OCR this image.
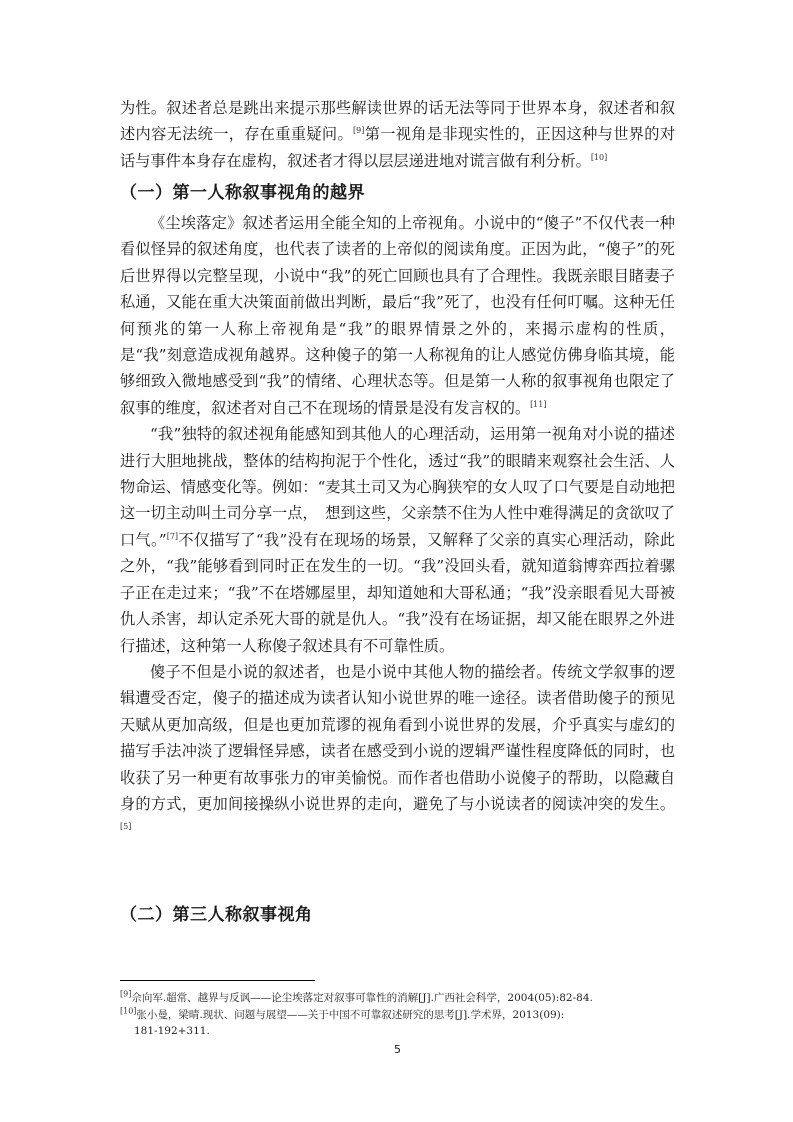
为性。叙述者总是跳出来提示那些解读世界的话无法等同于世界本身，叙述者和叙述内容无法统一，存在重重疑问。[9]第一视角是非现实性的，正因这种与世界的对话与事件本身存在虚构，叙述者才得以层层递进地对谎言做有利分析。[10]

（一）第一人称叙事视角的越界

《尘埃落定》叙述者运用全能全知的上帝视角。小说中的“傻子”不仅代表一种看似怪异的叙述角度，也代表了读者的上帝似的阅读角度。正因为此，“傻子”的死后世界得以完整呈现，小说中“我”的死亡回顾也具有了合理性。我既亲眼目睹妻子私通，又能在重大决策面前做出判断，最后“我”死了，也没有任何叮嘱。这种无任何预兆的第一人称上帝视角是“我”的眼界情景之外的，来揭示虚构的性质，是“我”刻意造成视角越界。这种傻子的第一人称视角的让人感觉仿佛身临其境，能够细致入微地感受到“我”的情绪、心理状态等。但是第一人称的叙事视角也限定了叙事的维度，叙述者对自己不在现场的情景是没有发言权的。[11]

“我”独特的叙述视角能感知到其他人的心理活动，运用第一视角对小说的描述进行大胆地挑战，整体的结构拘泥于个性化，透过“我”的眼睛来观察社会生活、人物命运、情感变化等。例如：“麦其土司又为心胸狭窄的女人叹了口气要是自动地把这一切主动叫土司分享一点，　想到这些，父亲禁不住为人性中难得满足的贪欲叹了口气。”[7]不仅描写了“我”没有在现场的场景，又解释了父亲的真实心理活动，除此之外，“我”能够看到同时正在发生的一切。“我”没回头看，就知道翁博弈西拉着骡子正在走过来；“我”不在塔娜屋里，却知道她和大哥私通；“我”没亲眼看见大哥被仇人杀害，却认定杀死大哥的就是仇人。“我”没有在场证据，却又能在眼界之外进行描述，这种第一人称傻子叙述具有不可靠性质。

傻子不但是小说的叙述者，也是小说中其他人物的描绘者。传统文学叙事的逻辑遭受否定，傻子的描述成为读者认知小说世界的唯一途径。读者借助傻子的预见天赋从更加高级，但是也更加荒谬的视角看到小说世界的发展，介乎真实与虚幻的描写手法冲淡了逻辑怪异感，读者在感受到小说的逻辑严谨性程度降低的同时，也收获了另一种更有故事张力的审美愉悦。而作者也借助小说傻子的帮助，以隐藏自身的方式，更加间接操纵小说世界的走向，避免了与小说读者的阅读冲突的发生。[5]

（二）第三人称叙事视角

[9]佘向军.超常、越界与反讽——论尘埃落定对叙事可靠性的消解[J].广西社会科学，2004(05):82-84.

[10]张小曼，梁晴.现状、问题与展望——关于中国不可靠叙述研究的思考[J].学术界，2013(09):
181-192+311.

5
